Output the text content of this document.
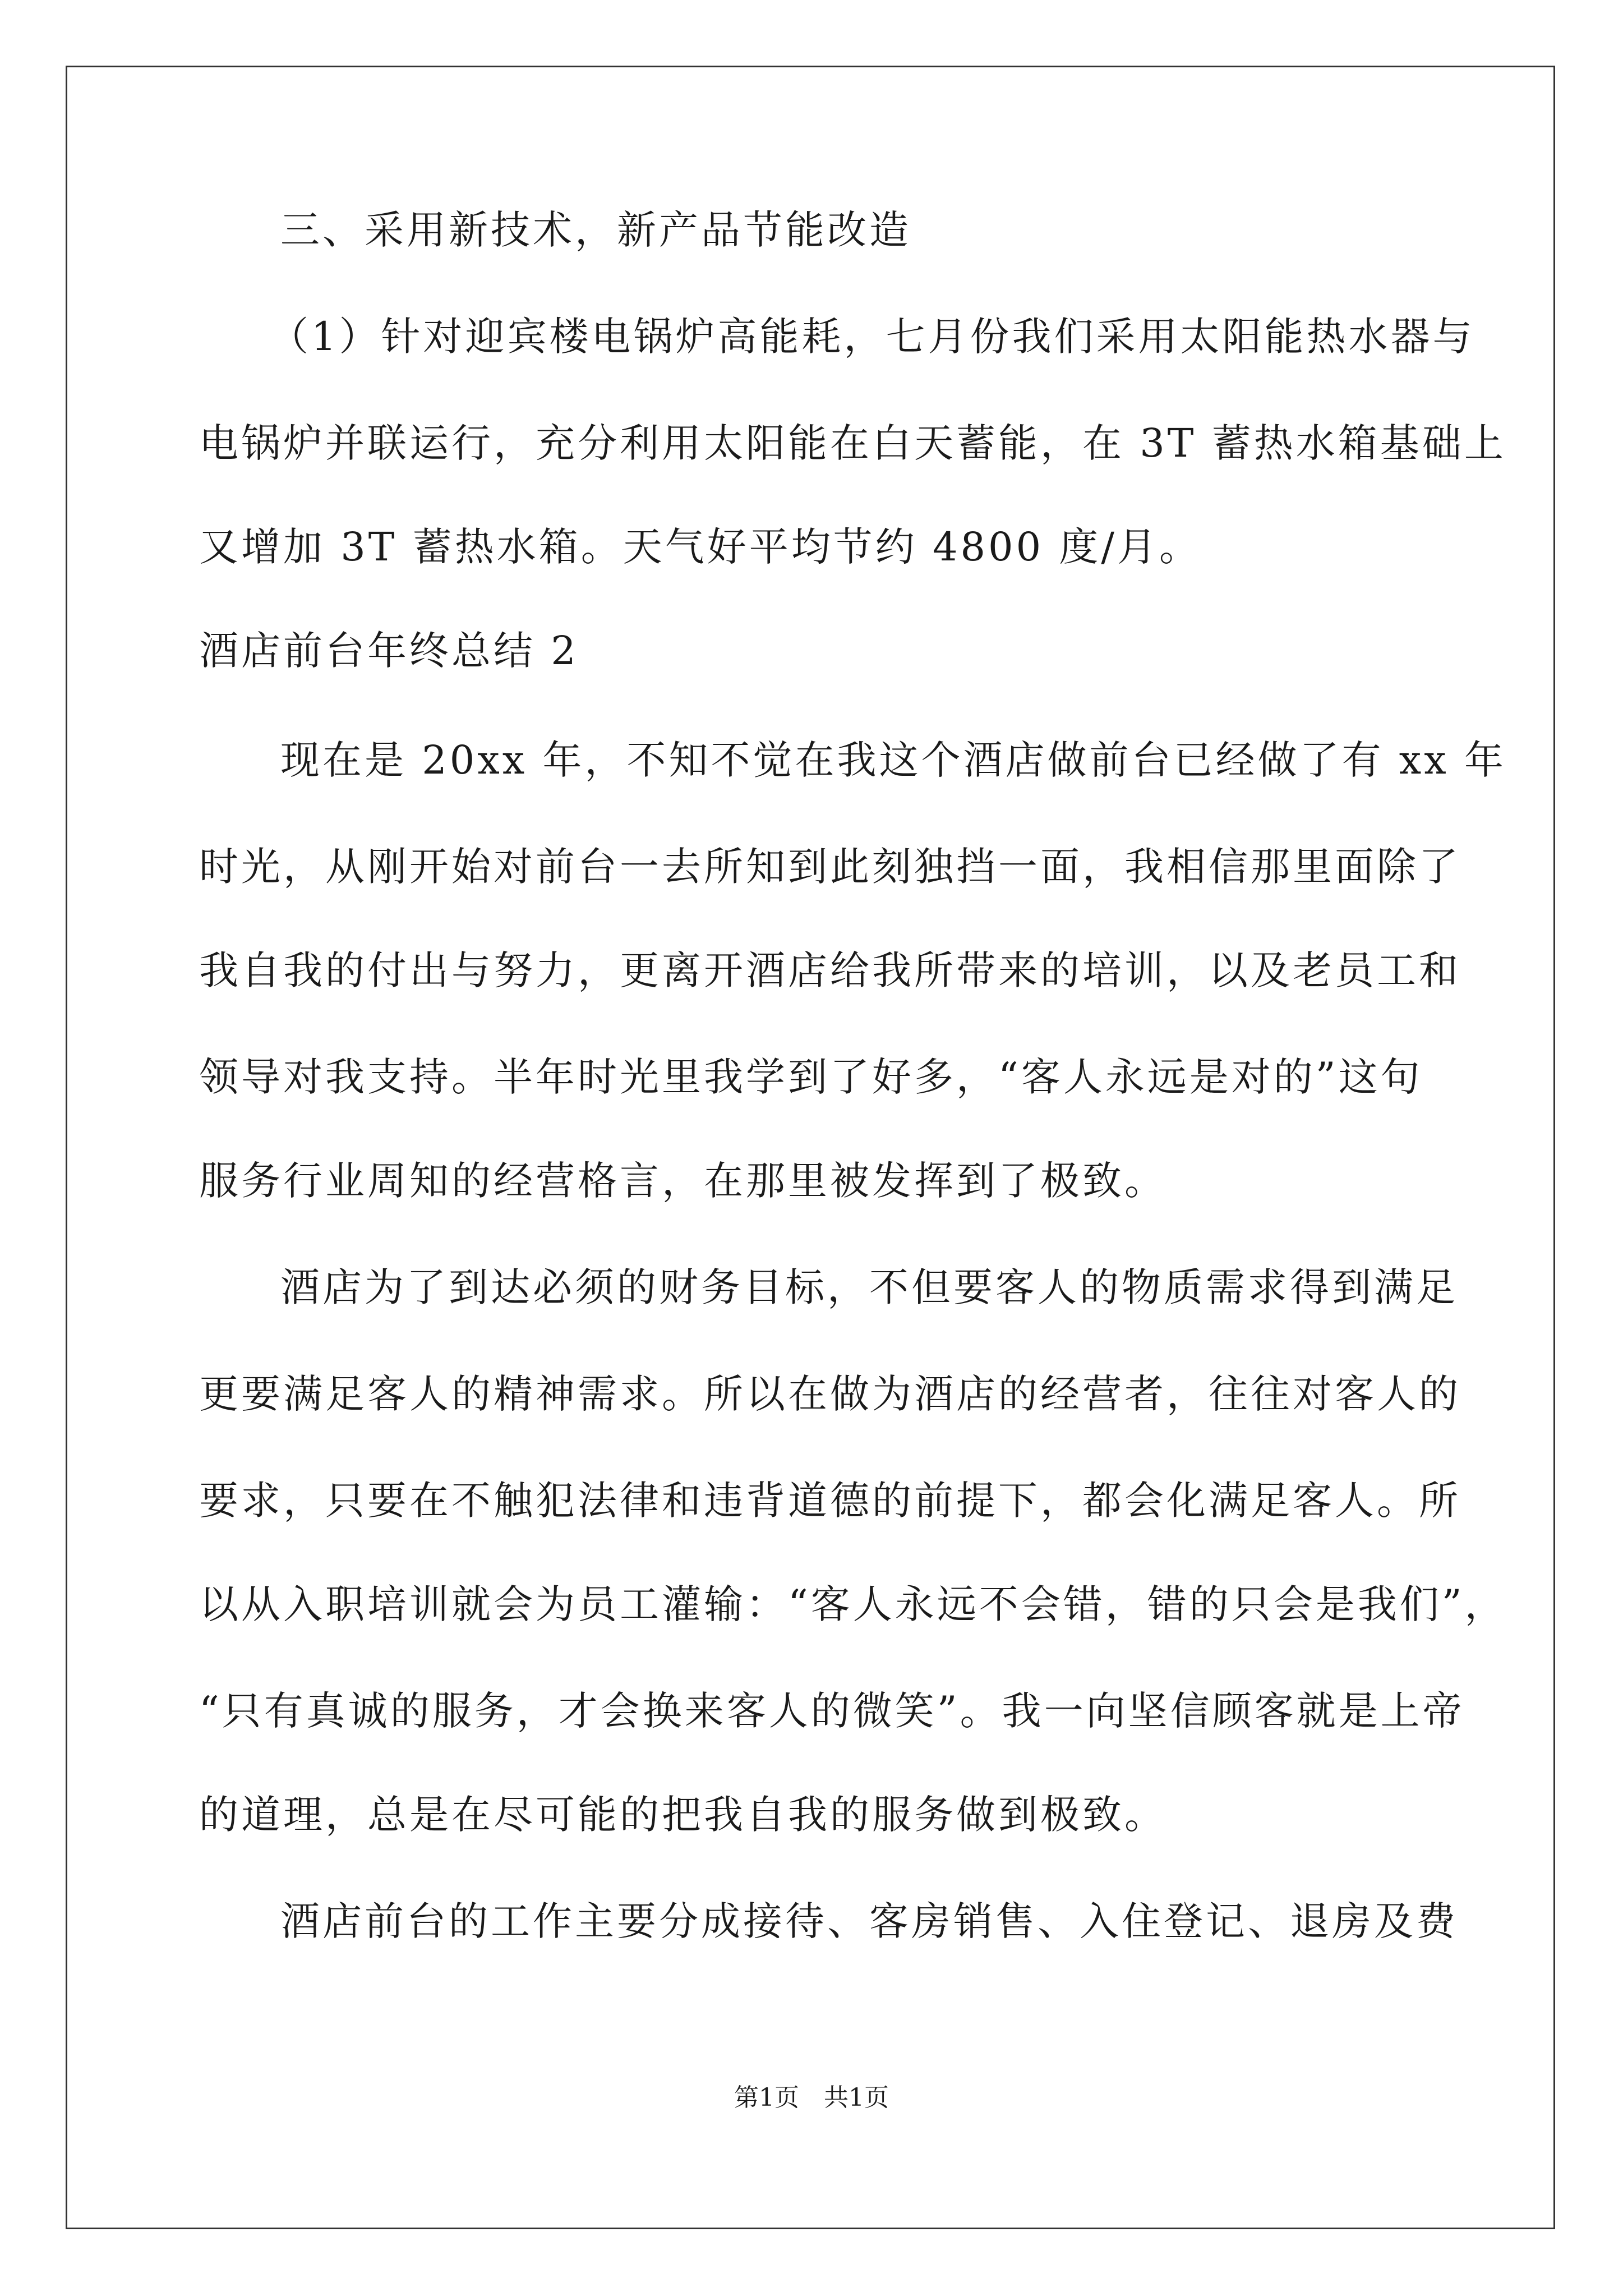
三、采用新技术，新产品节能改造
（1）针对迎宾楼电锅炉高能耗，七月份我们采用太阳能热水器与
电锅炉并联运行，充分利用太阳能在白天蓄能，在 3T 蓄热水箱基础上
又增加 3T 蓄热水箱。天气好平均节约 4800 度/月。
酒店前台年终总结 2
现在是 20xx 年，不知不觉在我这个酒店做前台已经做了有 xx 年
时光，从刚开始对前台一去所知到此刻独挡一面，我相信那里面除了
我自我的付出与努力，更离开酒店给我所带来的培训，以及老员工和
领导对我支持。半年时光里我学到了好多，“客人永远是对的”这句
服务行业周知的经营格言，在那里被发挥到了极致。
酒店为了到达必须的财务目标，不但要客人的物质需求得到满足
更要满足客人的精神需求。所以在做为酒店的经营者，往往对客人的
要求，只要在不触犯法律和违背道德的前提下，都会化满足客人。所
以从入职培训就会为员工灌输：“客人永远不会错，错的只会是我们”，
“只有真诚的服务，才会换来客人的微笑”。我一向坚信顾客就是上帝
的道理，总是在尽可能的把我自我的服务做到极致。
酒店前台的工作主要分成接待、客房销售、入住登记、退房及费
第1页　共1页
